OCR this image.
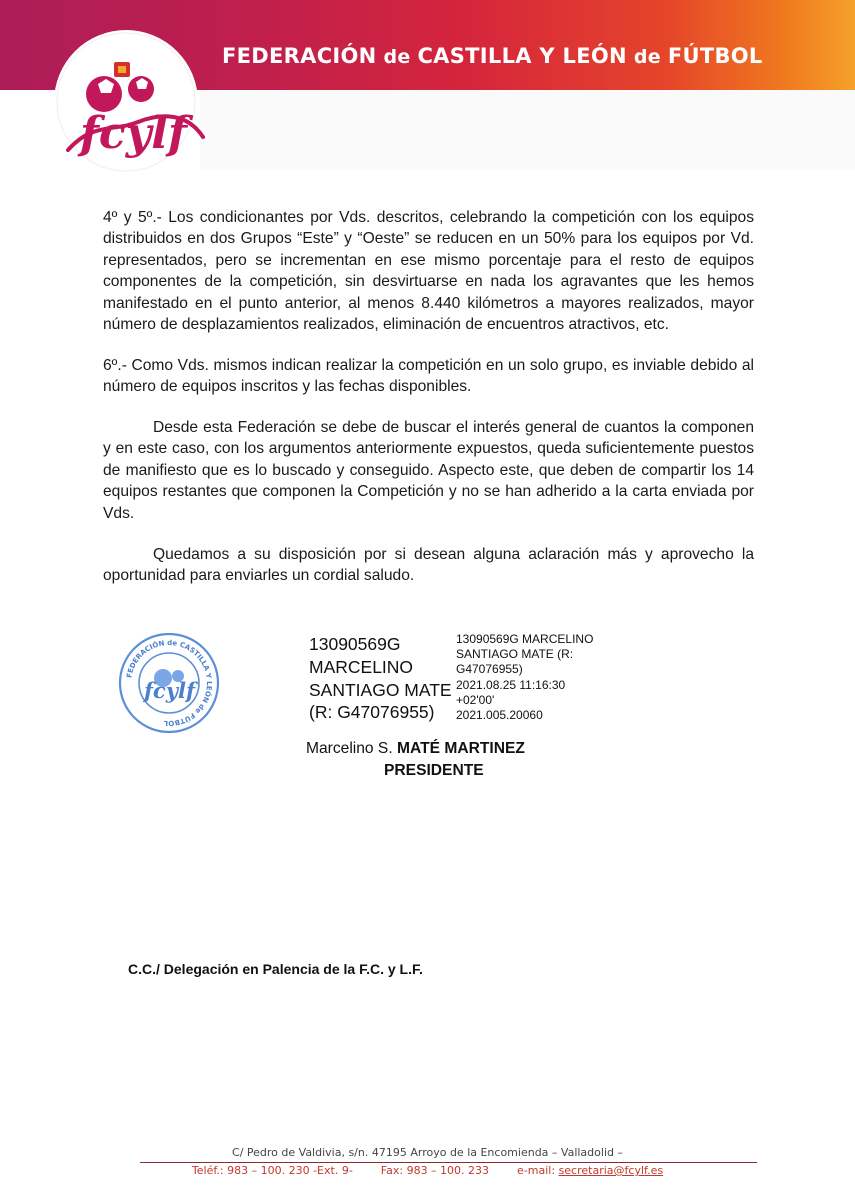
FEDERACIÓN de CASTILLA Y LEÓN de FÚTBOL
fcylf
4º y 5º.- Los condicionantes por Vds. descritos, celebrando la competición con los equipos distribuidos en dos Grupos “Este” y “Oeste” se reducen en un 50% para los equipos por Vd. representados, pero se incrementan en ese mismo porcentaje para el resto de equipos componentes de la competición, sin desvirtuarse en nada los agravantes que les hemos manifestado en el punto anterior, al menos 8.440 kilómetros a mayores realizados, mayor número de desplazamientos realizados, eliminación de encuentros atractivos, etc.
6º.- Como Vds. mismos indican realizar la competición en un solo grupo, es inviable debido al número de equipos inscritos y las fechas disponibles.
Desde esta Federación se debe de buscar el interés general de cuantos la componen y en este caso, con los argumentos anteriormente expuestos, queda suficientemente puestos de manifiesto que es lo buscado y conseguido. Aspecto este, que deben de compartir los 14 equipos restantes que componen la Competición y no se han adherido a la carta enviada por Vds.
Quedamos a su disposición por si desean alguna aclaración más y aprovecho la oportunidad para enviarles un cordial saludo.
FEDERACIÓN de CASTILLA Y LEÓN de FÚTBOL
fcylf
13090569G
MARCELINO
SANTIAGO MATE
(R: G47076955)
13090569G MARCELINO
SANTIAGO MATE (R:
G47076955)
2021.08.25 11:16:30
+02'00'
2021.005.20060
Marcelino S. MATÉ MARTINEZ
PRESIDENTE
C.C./ Delegación en Palencia de la F.C. y L.F.
C/ Pedro de Valdivia, s/n. 47195 Arroyo de la Encomienda – Valladolid –
Teléf.: 983 – 100. 230 -Ext. 9-	Fax: 983 – 100. 233	e-mail: secretaria@fcylf.es
